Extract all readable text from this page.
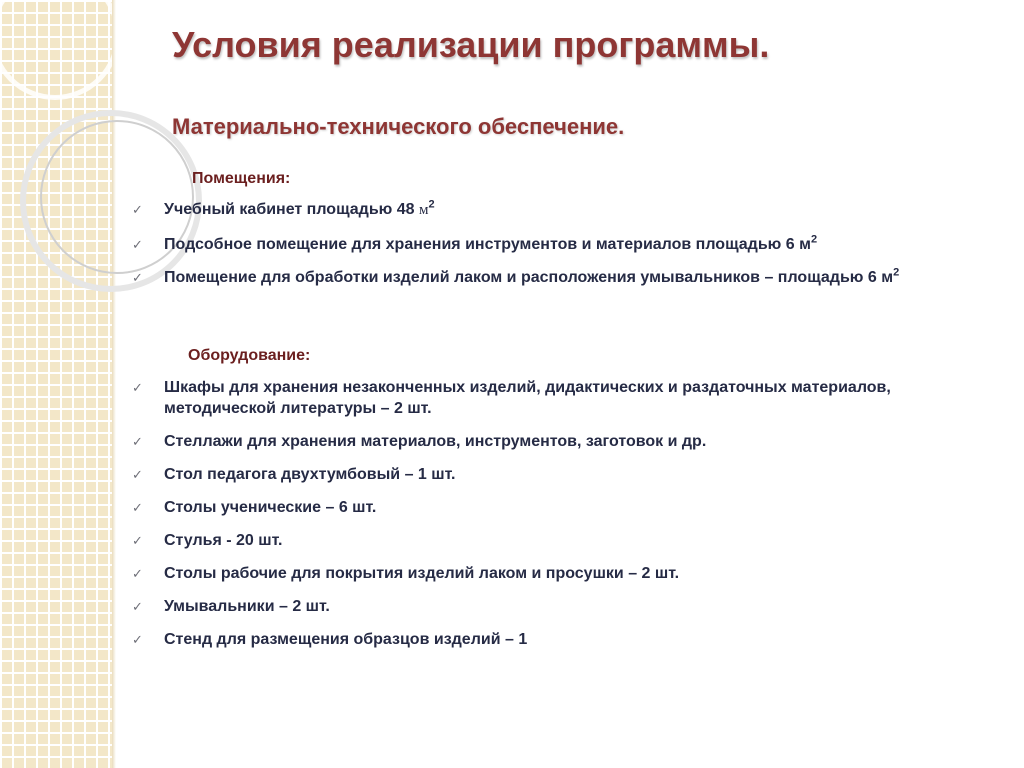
Условия реализации программы.
Материально-технического обеспечение.
Помещения:
✓ Учебный кабинет площадью 48 $м^2$
✓ Подсобное помещение для хранения инструментов и материалов площадью 6 $м^2$
✓ Помещение для обработки изделий лаком и расположения умывальников – площадью 6 $м^2$
Оборудование:
✓ Шкафы для хранения незаконченных изделий, дидактических и раздаточных материалов, методической литературы – 2 шт.
✓ Стеллажи для хранения материалов, инструментов, заготовок и др.
✓ Стол педагога двухтумбовый – 1 шт.
✓ Столы ученические – 6 шт.
✓ Стулья - 20 шт.
✓ Столы рабочие для покрытия изделий лаком и просушки – 2 шт.
✓ Умывальники – 2 шт.
✓ Стенд для размещения образцов изделий – 1
